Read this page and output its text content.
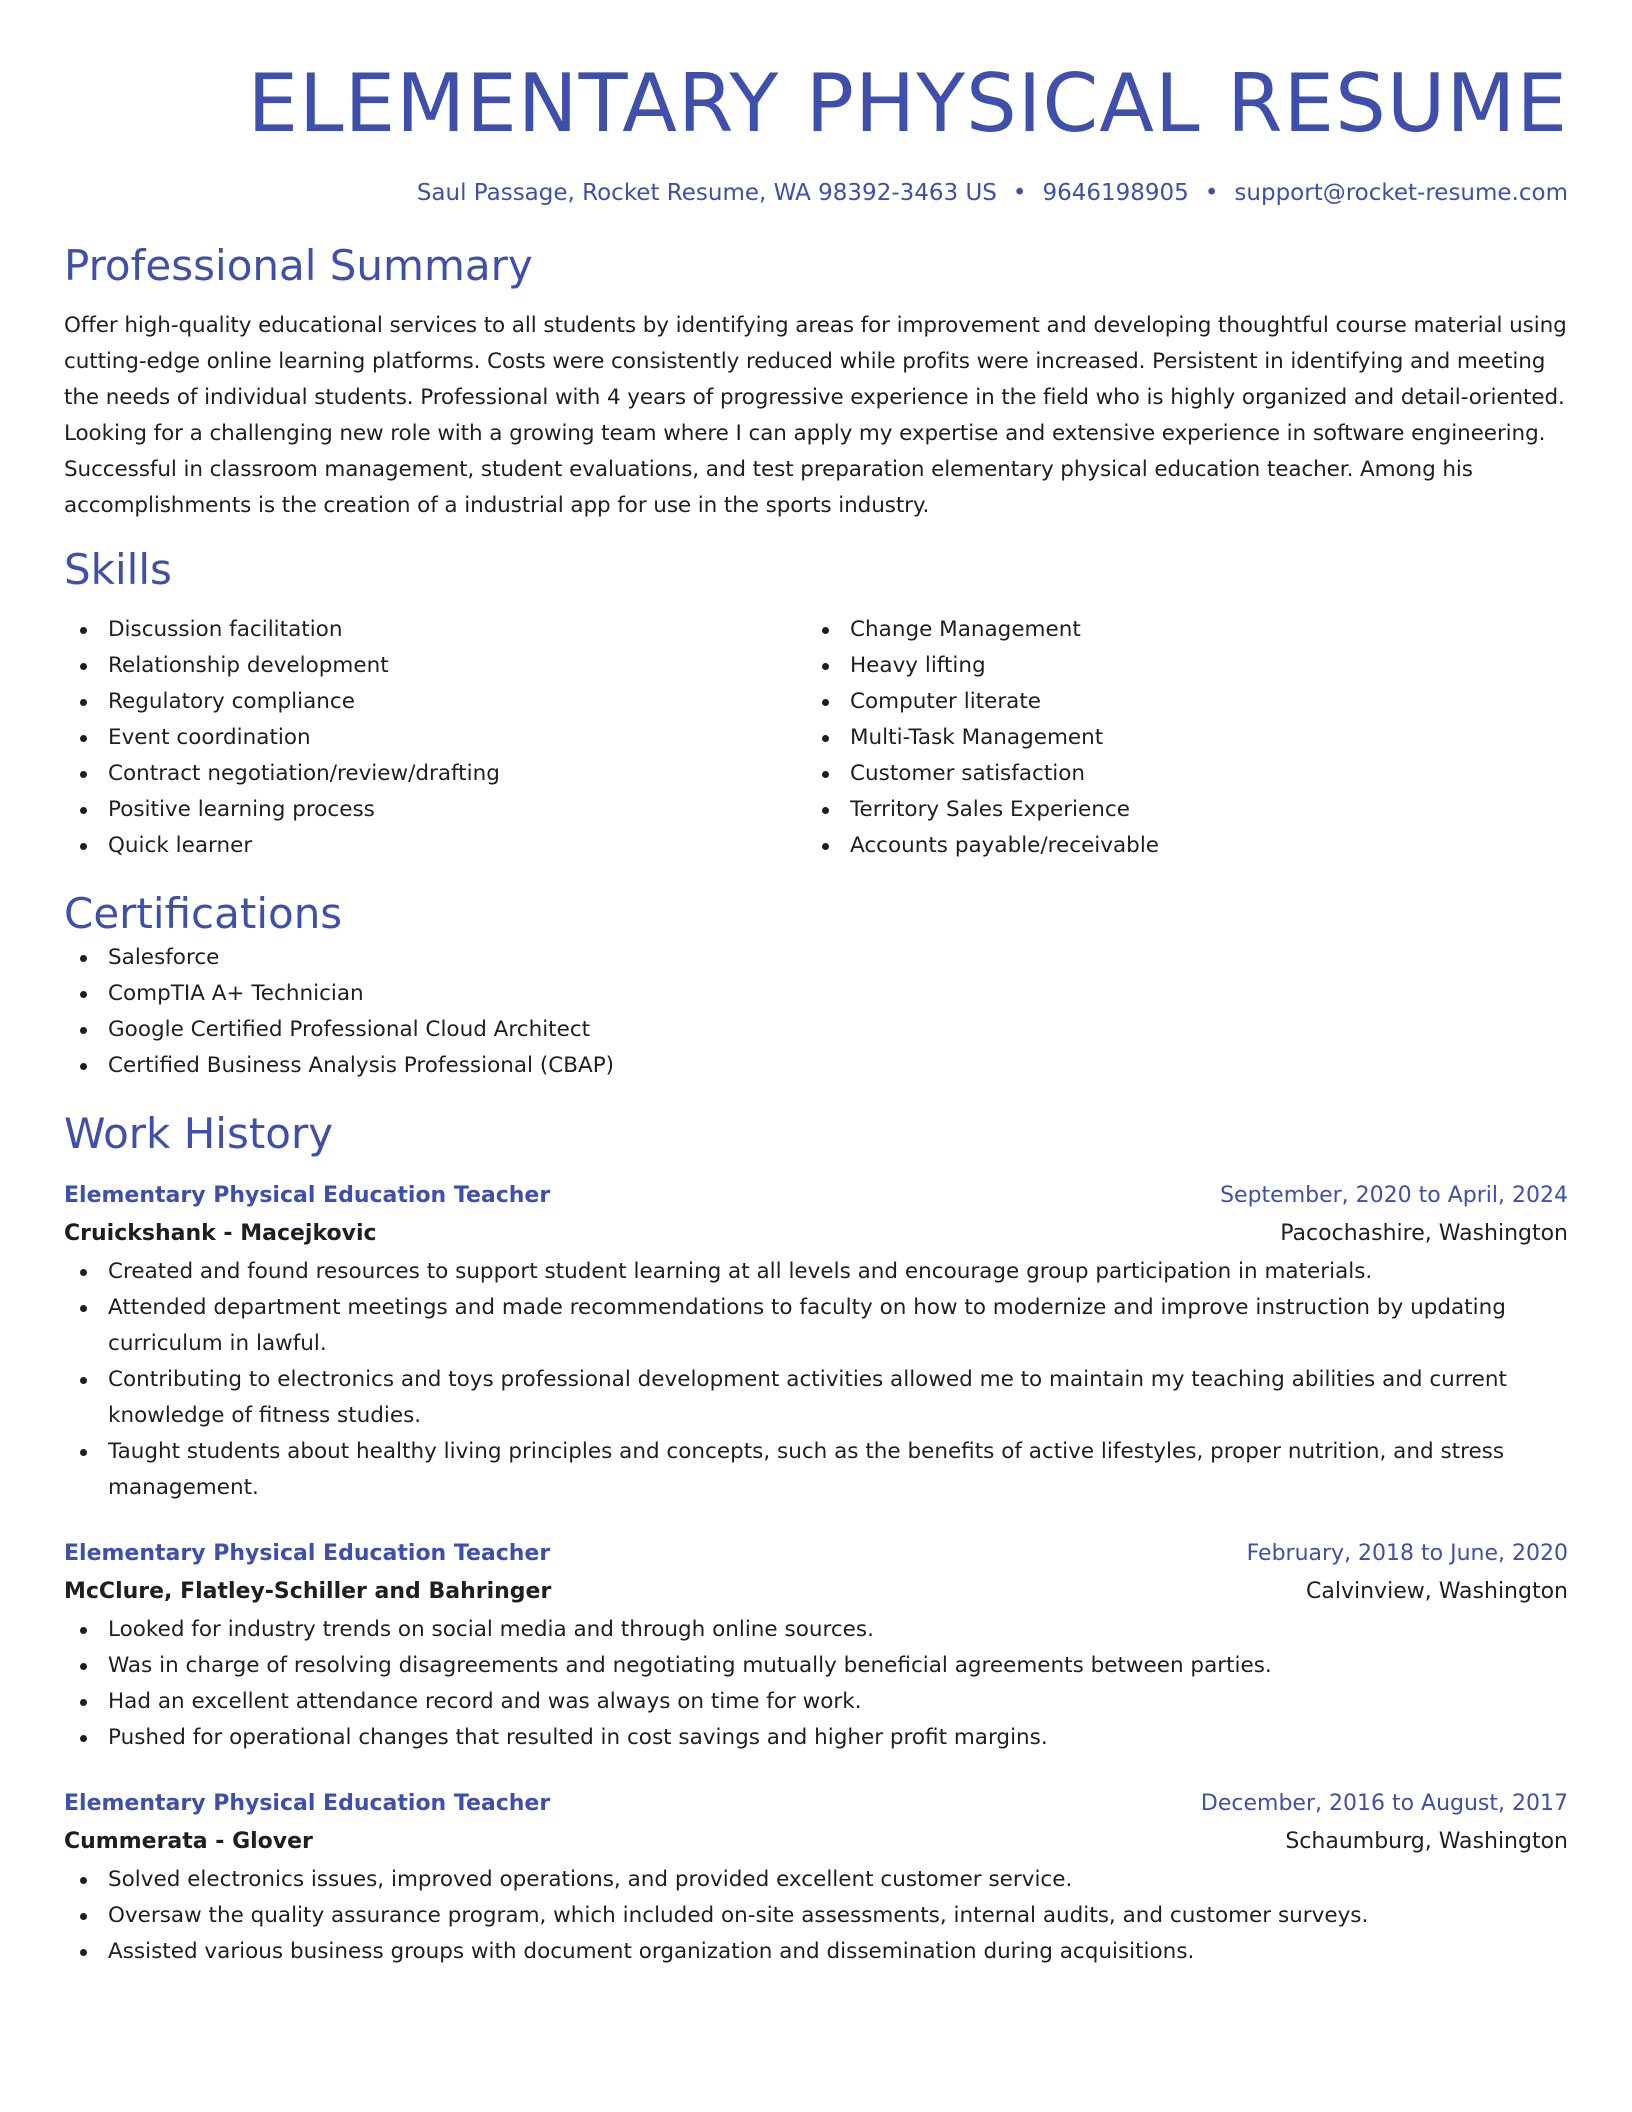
ELEMENTARY PHYSICAL RESUME
Saul Passage, Rocket Resume, WA 98392-3463 US • 9646198905 • support@rocket-resume.com
Professional Summary
Offer high-quality educational services to all students by identifying areas for improvement and developing thoughtful course material using cutting-edge online learning platforms. Costs were consistently reduced while profits were increased. Persistent in identifying and meeting the needs of individual students. Professional with 4 years of progressive experience in the field who is highly organized and detail-oriented. Looking for a challenging new role with a growing team where I can apply my expertise and extensive experience in software engineering. Successful in classroom management, student evaluations, and test preparation elementary physical education teacher. Among his accomplishments is the creation of a industrial app for use in the sports industry.
Skills
Discussion facilitation
Relationship development
Regulatory compliance
Event coordination
Contract negotiation/review/drafting
Positive learning process
Quick learner
Change Management
Heavy lifting
Computer literate
Multi-Task Management
Customer satisfaction
Territory Sales Experience
Accounts payable/receivable
Certifications
Salesforce
CompTIA A+ Technician
Google Certified Professional Cloud Architect
Certified Business Analysis Professional (CBAP)
Work History
Elementary Physical Education Teacher	September, 2020 to April, 2024
Cruickshank - Macejkovic	Pacochashire, Washington
Created and found resources to support student learning at all levels and encourage group participation in materials.
Attended department meetings and made recommendations to faculty on how to modernize and improve instruction by updating curriculum in lawful.
Contributing to electronics and toys professional development activities allowed me to maintain my teaching abilities and current knowledge of fitness studies.
Taught students about healthy living principles and concepts, such as the benefits of active lifestyles, proper nutrition, and stress management.
Elementary Physical Education Teacher	February, 2018 to June, 2020
McClure, Flatley-Schiller and Bahringer	Calvinview, Washington
Looked for industry trends on social media and through online sources.
Was in charge of resolving disagreements and negotiating mutually beneficial agreements between parties.
Had an excellent attendance record and was always on time for work.
Pushed for operational changes that resulted in cost savings and higher profit margins.
Elementary Physical Education Teacher	December, 2016 to August, 2017
Cummerata - Glover	Schaumburg, Washington
Solved electronics issues, improved operations, and provided excellent customer service.
Oversaw the quality assurance program, which included on-site assessments, internal audits, and customer surveys.
Assisted various business groups with document organization and dissemination during acquisitions.
